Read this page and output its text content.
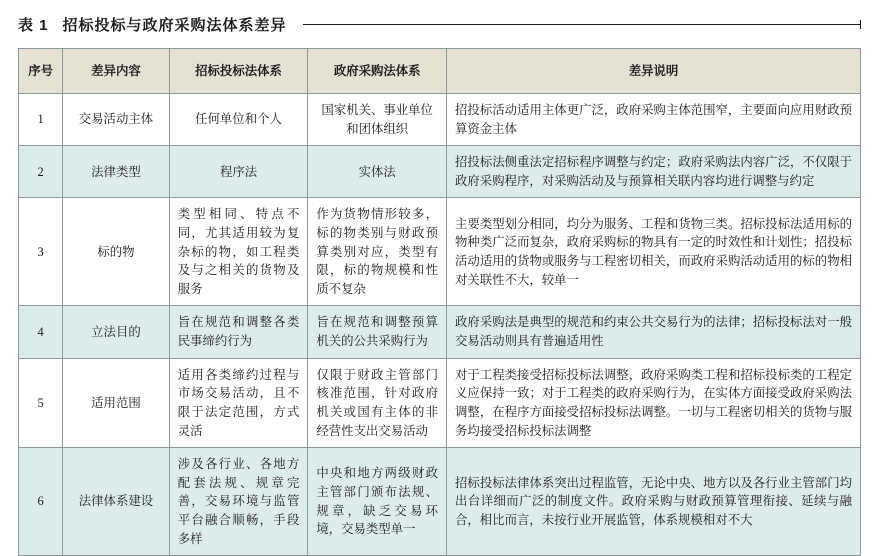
表 1 招标投标与政府采购法体系差异
序号	差异内容	招标投标法体系	政府采购法体系	差异说明
1	交易活动主体	任何单位和个人	国家机关、事业单位和团体组织	招投标活动适用主体更广泛，政府采购主体范围窄，主要面向应用财政预算资金主体
2	法律类型	程序法	实体法	招投标法侧重法定招标程序调整与约定；政府采购法内容广泛，不仅限于政府采购程序，对采购活动及与预算相关联内容均进行调整与约定
3	标的物	类型相同、特点不同，尤其适用较为复杂标的物，如工程类及与之相关的货物及服务	作为货物情形较多，标的物类别与财政预算类别对应，类型有限，标的物规模和性质不复杂	主要类型划分相同，均分为服务、工程和货物三类。招标投标法适用标的物种类广泛而复杂，政府采购标的物具有一定的时效性和计划性；招投标活动适用的货物或服务与工程密切相关，而政府采购活动适用的标的物相对关联性不大，较单一
4	立法目的	旨在规范和调整各类民事缔约行为	旨在规范和调整预算机关的公共采购行为	政府采购法是典型的规范和约束公共交易行为的法律；招标投标法对一般交易活动则具有普遍适用性
5	适用范围	适用各类缔约过程与市场交易活动，且不限于法定范围，方式灵活	仅限于财政主管部门核准范围，针对政府机关或国有主体的非经营性支出交易活动	对于工程类接受招标投标法调整，政府采购类工程和招标投标类的工程定义应保持一致；对于工程类的政府采购行为，在实体方面接受政府采购法调整，在程序方面接受招标投标法调整。一切与工程密切相关的货物与服务均接受招标投标法调整
6	法律体系建设	涉及各行业、各地方配套法规、规章完善，交易环境与监管平台融合顺畅，手段多样	中央和地方两级财政主管部门颁布法规、规章，缺乏交易环境，交易类型单一	招标投标法律体系突出过程监管，无论中央、地方以及各行业主管部门均出台详细而广泛的制度文件。政府采购与财政预算管理衔接、延续与融合，相比而言，未按行业开展监管，体系规模相对不大
